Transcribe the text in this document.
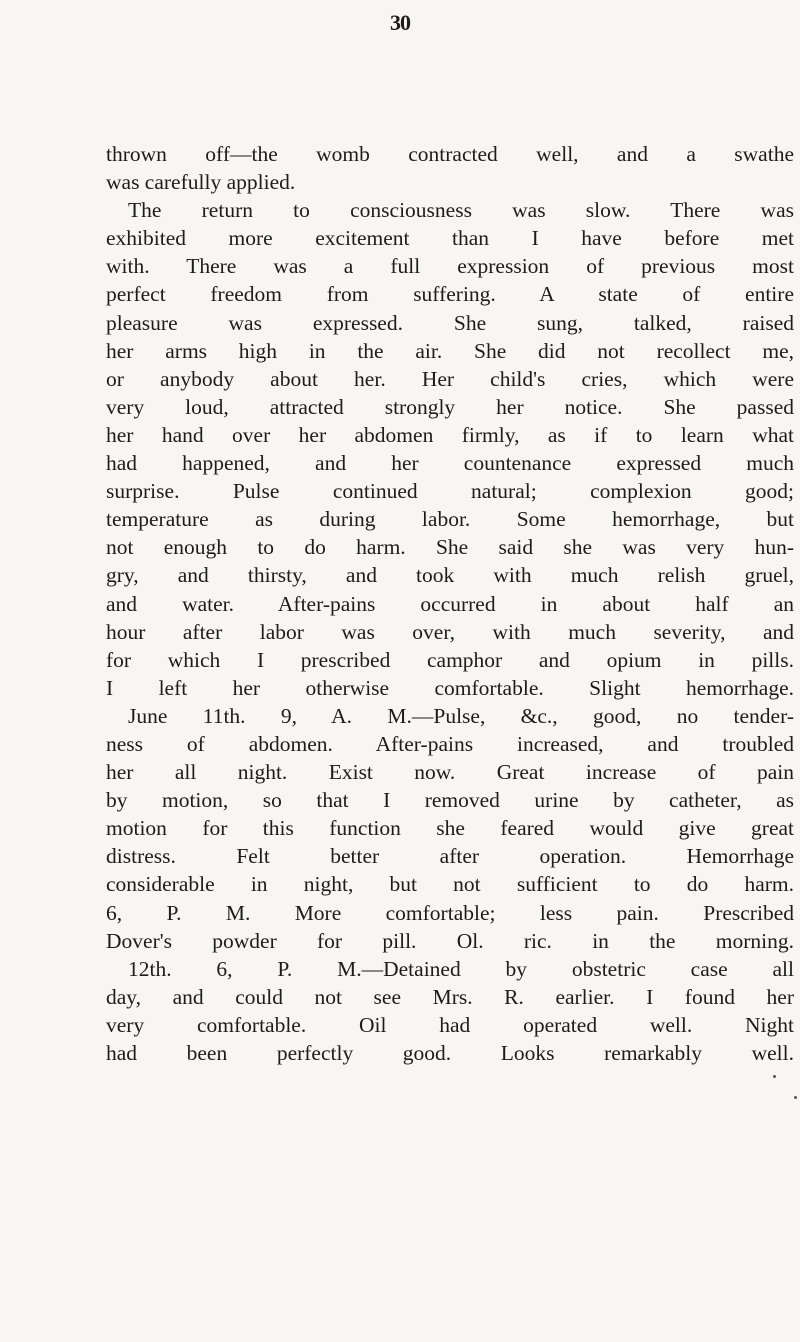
30
thrown off—the womb contracted well, and a swathe
was carefully applied.
The return to consciousness was slow. There was
exhibited more excitement than I have before met
with. There was a full expression of previous most
perfect freedom from suffering. A state of entire
pleasure was expressed. She sung, talked, raised
her arms high in the air. She did not recollect me,
or anybody about her. Her child's cries, which were
very loud, attracted strongly her notice. She passed
her hand over her abdomen firmly, as if to learn what
had happened, and her countenance expressed much
surprise. Pulse continued natural; complexion good;
temperature as during labor. Some hemorrhage, but
not enough to do harm. She said she was very hun-
gry, and thirsty, and took with much relish gruel,
and water. After-pains occurred in about half an
hour after labor was over, with much severity, and
for which I prescribed camphor and opium in pills.
I left her otherwise comfortable. Slight hemorrhage.
June 11th. 9, A. M.—Pulse, &c., good, no tender-
ness of abdomen. After-pains increased, and troubled
her all night. Exist now. Great increase of pain
by motion, so that I removed urine by catheter, as
motion for this function she feared would give great
distress. Felt better after operation. Hemorrhage
considerable in night, but not sufficient to do harm.
6, P. M. More comfortable; less pain. Prescribed
Dover's powder for pill. Ol. ric. in the morning.
12th. 6, P. M.—Detained by obstetric case all
day, and could not see Mrs. R. earlier. I found her
very comfortable. Oil had operated well. Night
had been perfectly good. Looks remarkably well.
